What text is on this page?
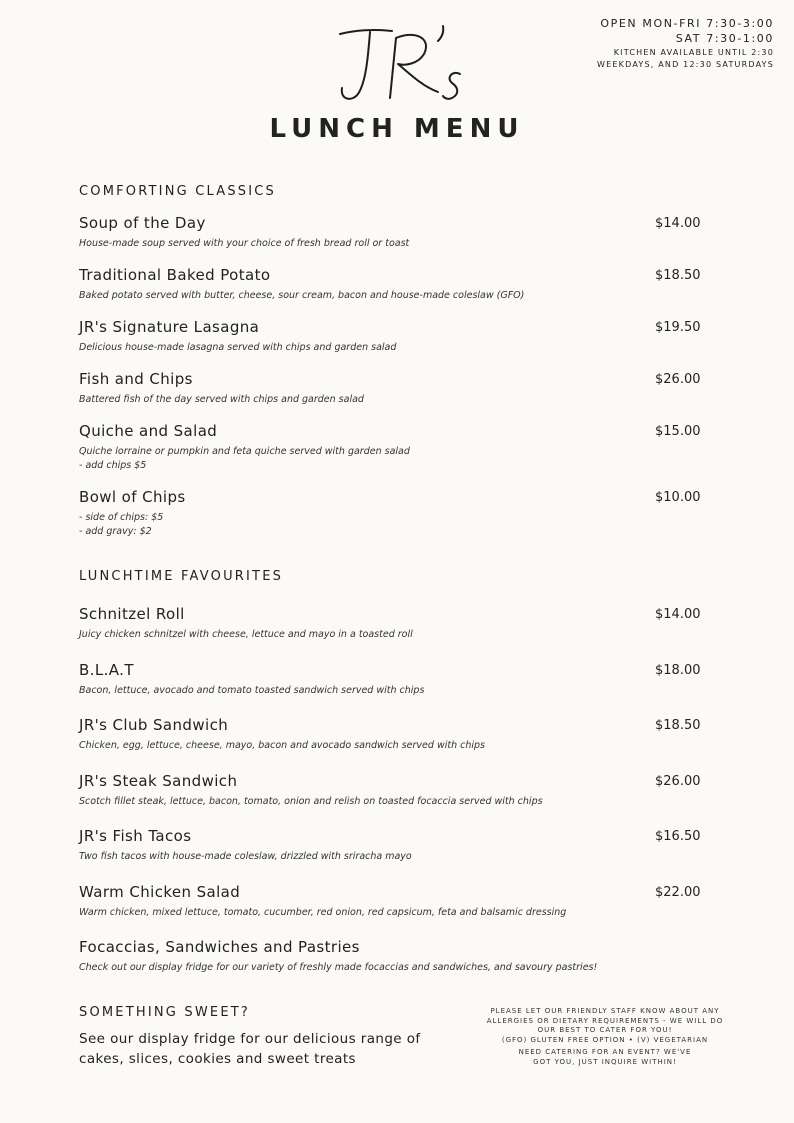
LUNCH MENU
OPEN MON-FRI 7:30-3:00
SAT 7:30-1:00
KITCHEN AVAILABLE UNTIL 2:30
WEEKDAYS, AND 12:30 SATURDAYS
COMFORTING CLASSICS
Soup of the Day	$14.00
House-made soup served with your choice of fresh bread roll or toast
Traditional Baked Potato	$18.50
Baked potato served with butter, cheese, sour cream, bacon and house-made coleslaw (GFO)
JR's Signature Lasagna	$19.50
Delicious house-made lasagna served with chips and garden salad
Fish and Chips	$26.00
Battered fish of the day served with chips and garden salad
Quiche and Salad	$15.00
Quiche lorraine or pumpkin and feta quiche served with garden salad
- add chips $5
Bowl of Chips	$10.00
- side of chips: $5
- add gravy: $2
LUNCHTIME FAVOURITES
Schnitzel Roll	$14.00
Juicy chicken schnitzel with cheese, lettuce and mayo in a toasted roll
B.L.A.T	$18.00
Bacon, lettuce, avocado and tomato toasted sandwich served with chips
JR's Club Sandwich	$18.50
Chicken, egg, lettuce, cheese, mayo, bacon and avocado sandwich served with chips
JR's Steak Sandwich	$26.00
Scotch fillet steak, lettuce, bacon, tomato, onion and relish on toasted focaccia served with chips
JR's Fish Tacos	$16.50
Two fish tacos with house-made coleslaw, drizzled with sriracha mayo
Warm Chicken Salad	$22.00
Warm chicken, mixed lettuce, tomato, cucumber, red onion, red capsicum, feta and balsamic dressing
Focaccias, Sandwiches and Pastries
Check out our display fridge for our variety of freshly made focaccias and sandwiches, and savoury pastries!
SOMETHING SWEET?
See our display fridge for our delicious range of
cakes, slices, cookies and sweet treats
PLEASE LET OUR FRIENDLY STAFF KNOW ABOUT ANY
ALLERGIES OR DIETARY REQUIREMENTS - WE WILL DO
OUR BEST TO CATER FOR YOU!
(GFO) GLUTEN FREE OPTION • (V) VEGETARIAN
NEED CATERING FOR AN EVENT? WE'VE
GOT YOU, JUST INQUIRE WITHIN!
